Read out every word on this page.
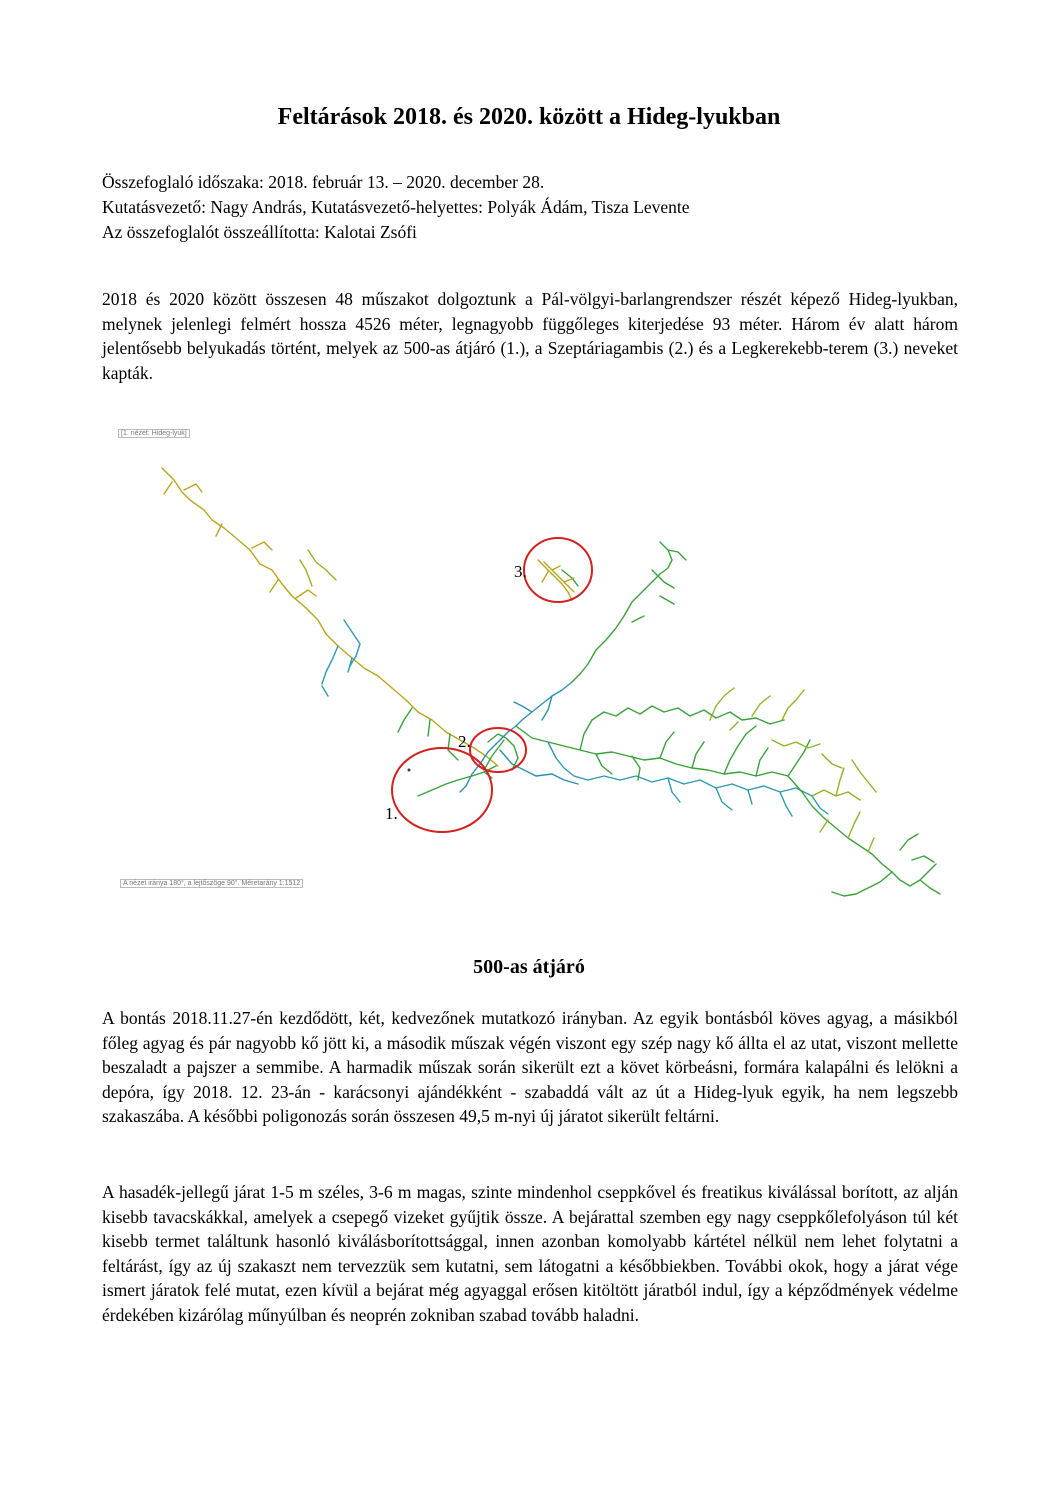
Feltárások 2018. és 2020. között a Hideg-lyukban
Összefoglaló időszaka: 2018. február 13. – 2020. december 28.
Kutatásvezető: Nagy András, Kutatásvezető-helyettes: Polyák Ádám, Tisza Levente
Az összefoglalót összeállította: Kalotai Zsófi

2018 és 2020 között összesen 48 műszakot dolgoztunk a Pál-völgyi-barlangrendszer részét képező Hideg-lyukban, melynek jelenlegi felmért hossza 4526 méter, legnagyobb függőleges kiterjedése 93 méter. Három év alatt három jelentősebb belyukadás történt, melyek az 500-as átjáró (1.), a Szeptáriagambis (2.) és a Legkerekebb-terem (3.) neveket kapták.

[1. nézet: Hideg-lyuk]
A nézet iránya 180°, a lejtőszöge 90°. Méretarány 1:1512
1.
2.
3.
500-as átjáró

A bontás 2018.11.27-én kezdődött, két, kedvezőnek mutatkozó irányban. Az egyik bontásból köves agyag, a másikból főleg agyag és pár nagyobb kő jött ki, a második műszak végén viszont egy szép nagy kő állta el az utat, viszont mellette beszaladt a pajszer a semmibe. A harmadik műszak során sikerült ezt a követ körbeásni, formára kalapálni és lelökni a depóra, így 2018. 12. 23-án - karácsonyi ajándékként - szabaddá vált az út a Hideg-lyuk egyik, ha nem legszebb szakaszába. A későbbi poligonozás során összesen 49,5 m-nyi új járatot sikerült feltárni.

A hasadék-jellegű járat 1-5 m széles, 3-6 m magas, szinte mindenhol cseppkővel és freatikus kiválással borított, az alján kisebb tavacskákkal, amelyek a csepegő vizeket gyűjtik össze. A bejárattal szemben egy nagy cseppkőlefolyáson túl két kisebb termet találtunk hasonló kiválásborítottsággal, innen azonban komolyabb kártétel nélkül nem lehet folytatni a feltárást, így az új szakaszt nem tervezzük sem kutatni, sem látogatni a későbbiekben. További okok, hogy a járat vége ismert járatok felé mutat, ezen kívül a bejárat még agyaggal erősen kitöltött járatból indul, így a képződmények védelme érdekében kizárólag műnyúlban és neoprén zokniban szabad tovább haladni.
